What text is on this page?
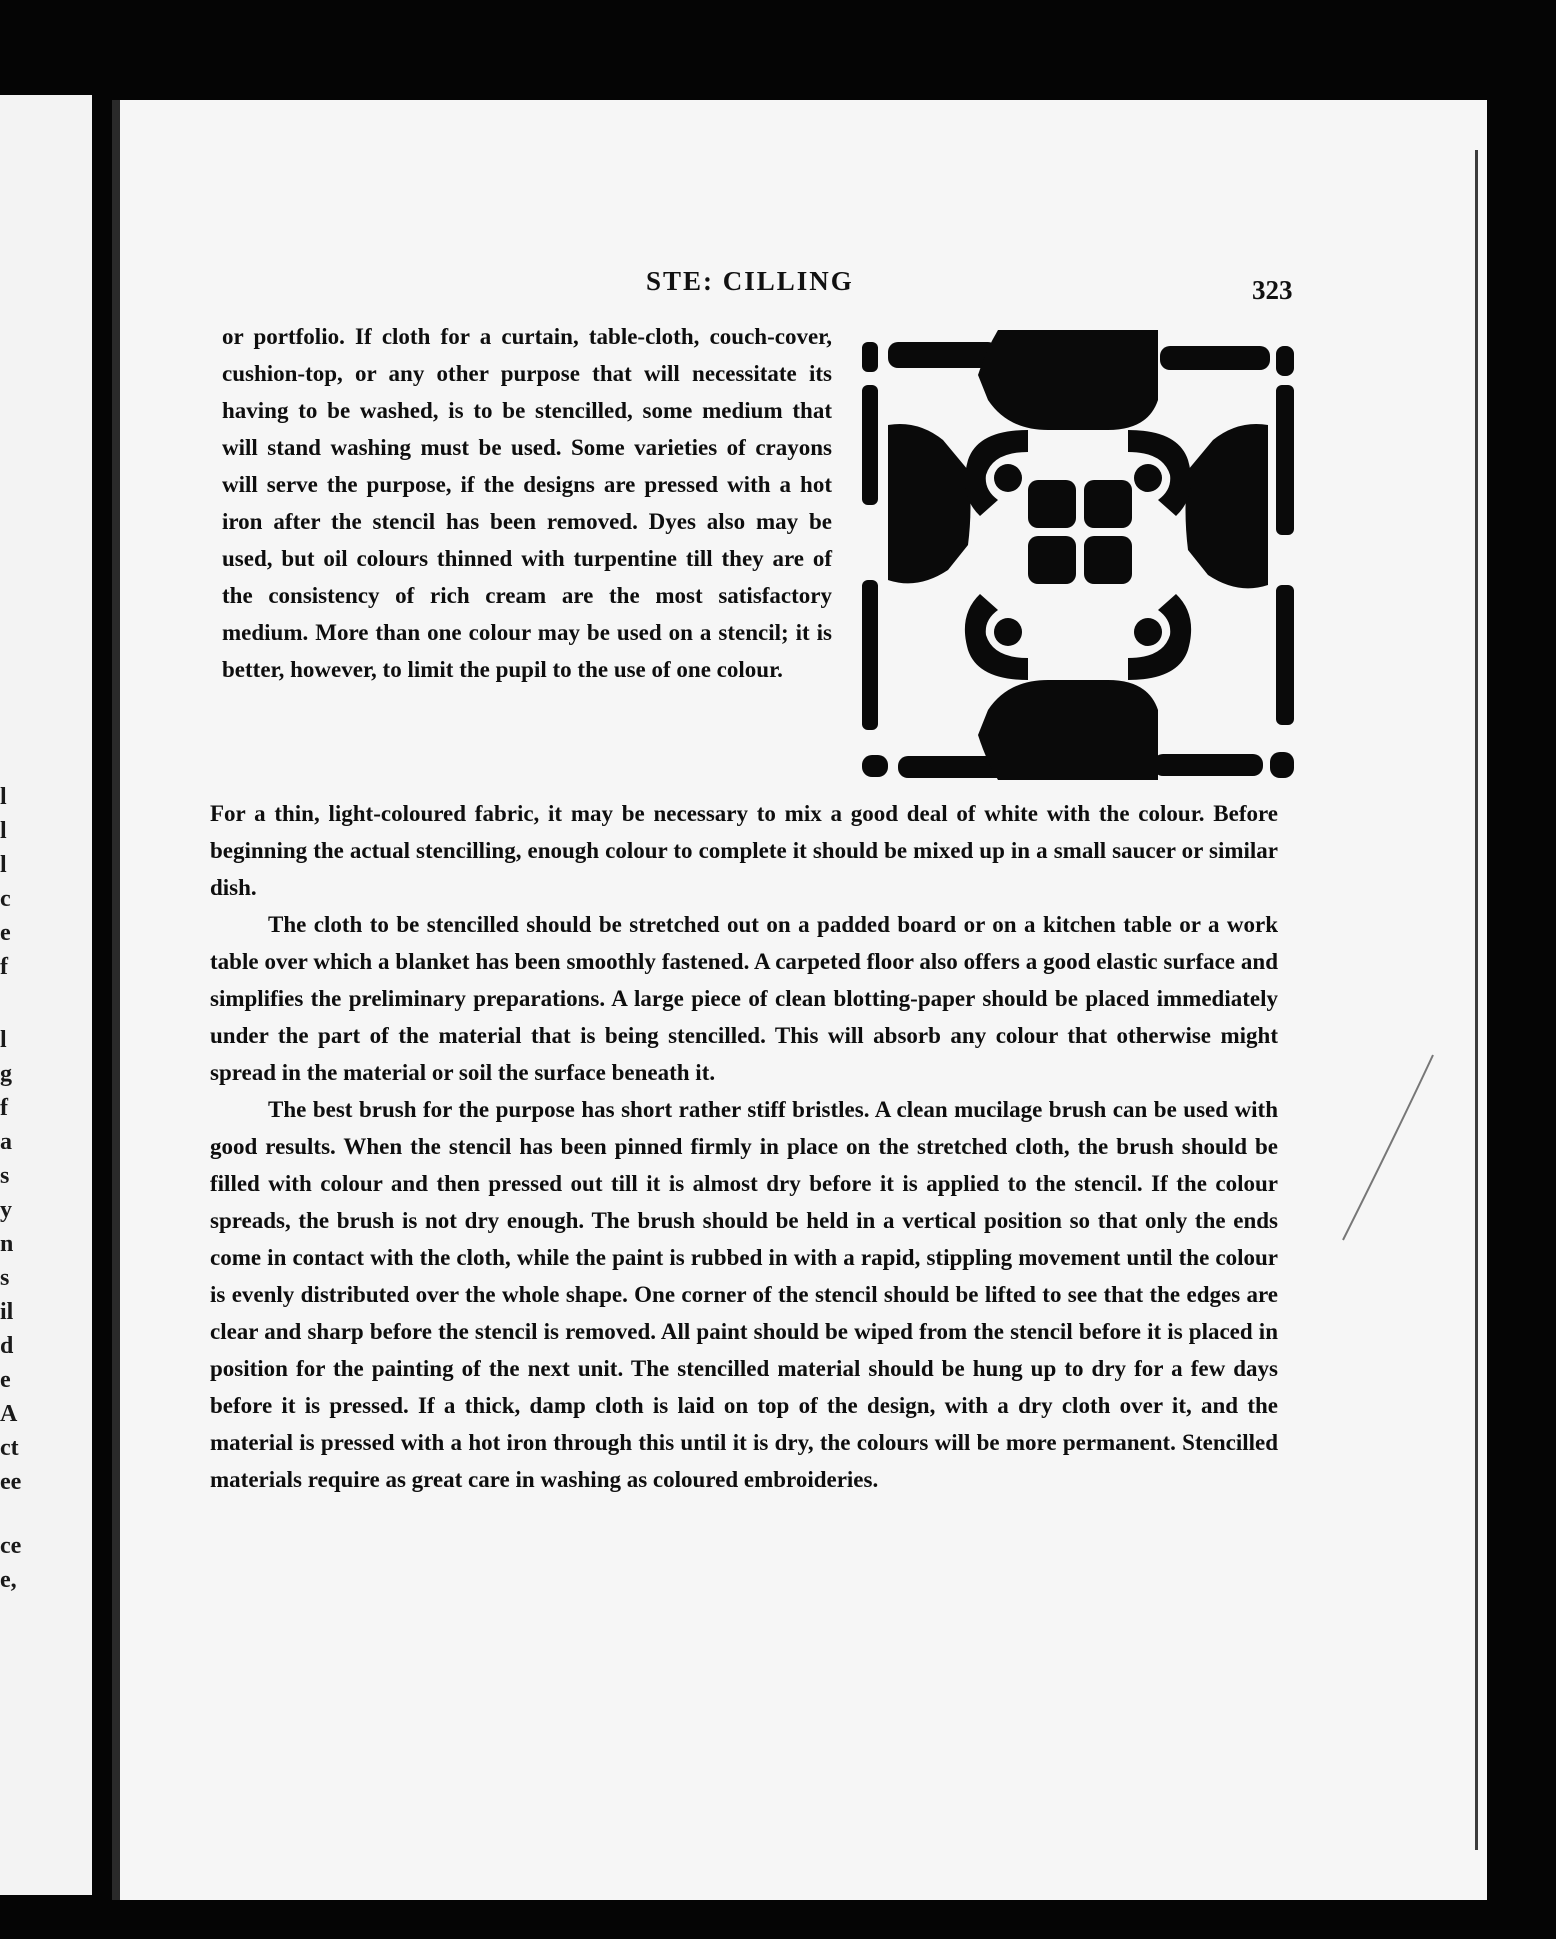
l
l
l
c
e
f
l
g
f
a
s
y
n
s
il
d
e
A
ct
ee
ce
e,
STE: CILLING	323
or portfolio. If cloth for a curtain, table-cloth, couch-cover, cushion-top, or any other purpose that will necessitate its having to be washed, is to be stencilled, some medium that will stand washing must be used. Some varieties of crayons will serve the purpose, if the designs are pressed with a hot iron after the stencil has been removed. Dyes also may be used, but oil colours thinned with turpentine till they are of the consistency of rich cream are the most satisfactory medium. More than one colour may be used on a stencil; it is better, however, to limit the pupil to the use of one colour.

For a thin, light-coloured fabric, it may be necessary to mix a good deal of white with the colour. Before beginning the actual stencilling, enough colour to complete it should be mixed up in a small saucer or similar dish.

The cloth to be stencilled should be stretched out on a padded board or on a kitchen table or a work table over which a blanket has been smoothly fastened. A carpeted floor also offers a good elastic surface and simplifies the preliminary preparations. A large piece of clean blotting-paper should be placed immediately under the part of the material that is being stencilled. This will absorb any colour that otherwise might spread in the material or soil the surface beneath it.

The best brush for the purpose has short rather stiff bristles. A clean mucilage brush can be used with good results. When the stencil has been pinned firmly in place on the stretched cloth, the brush should be filled with colour and then pressed out till it is almost dry before it is applied to the stencil. If the colour spreads, the brush is not dry enough. The brush should be held in a vertical position so that only the ends come in contact with the cloth, while the paint is rubbed in with a rapid, stippling movement until the colour is evenly distributed over the whole shape. One corner of the stencil should be lifted to see that the edges are clear and sharp before the stencil is removed. All paint should be wiped from the stencil before it is placed in position for the painting of the next unit. The stencilled material should be hung up to dry for a few days before it is pressed. If a thick, damp cloth is laid on top of the design, with a dry cloth over it, and the material is pressed with a hot iron through this until it is dry, the colours will be more permanent. Stencilled materials require as great care in washing as coloured embroideries.
